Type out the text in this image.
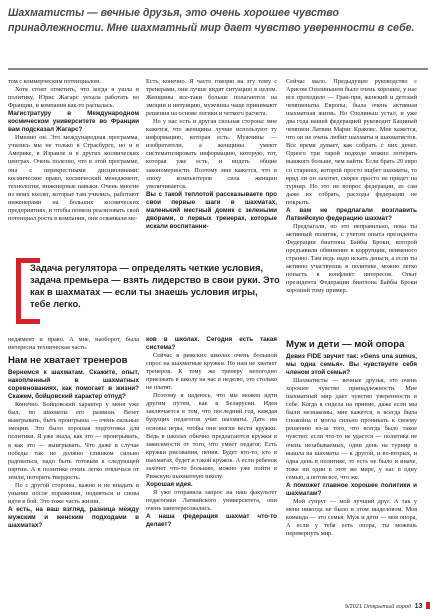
Шахматисты — вечные друзья, это очень хорошее чувство принадлежности. Мне шахматный мир дает чувство уверенности в себе.

том с коммерческим потенциалом.

Хотя стоит отметить, что когда я ушла в политику, Юрис Жагарс уехала работать во Франции, и компания как-то распалась.

Магистратуру в Международном космическом университете во Франции вам подсказал Жагарс?

Именно он. Это международная программа, учились мы не только в Страсбурге, но и в Америке, в Израиле и в других космических центрах. Очень полезно, что в этой программе, она с перекрестными дисциплинами: космическое право, космический менеджмент, технологии, инженерные навыки. Очень многие из моих коллег, которые там учились, работают инженерами на больших космических предприятиях, и чтобы поняли реализовать свой потенциал роста в компании, они осваивали ме-

неджмент и право. А мне, наоборот, была интересна техническая часть.

Нам не хватает тренеров

Вернемся к шахматам. Скажите, опыт, накопленный в шахматных соревнованиях, как помогает в жизни? Скажем, бойцовский характер отпуд?

Конечно. Бойцовский характер у меня уже был, но шахматы его развили. Везет выигрывать, быть проигрыша — очень сильные эмоции. Это было хорошая подготовка для политики. Я уже знала, как это — проигрывать, я как это — выигрывать. Что даже в случае победы так не должно слишком сильно радоваться, надо быть готовым к следующей партии. А в политике очень легко отвлечься от земли, потерять твердость.

По с другой стороны, важно и не впадать в уныние после поражения, подняться и снова идти в бой. Это тоже часть жизни.

А есть, на ваш взгляд, разница между мужским и женским подходами в шахматах?

Есть, конечно. Я часто говорю на эту тему с тренерами, они лучше видят ситуацию в целом. Женщины все-таки больше полагаются на эмоции и интуицию, мужчины чаще принимают решения на основе логики и четкого расчета.

Но у нас есть и другая сильная сторона: мне кажется, что женщины лучше используют ту информацию, которая есть. Мужчины — изобретатели, а женщины умеют систематизировать информацию, которую, тот, которая уже есть, и видеть общие закономерности. Поэтому мне кажется, что в эпоху компьютеров сила женщин увеличивается.

Вы с такой теплотой рассказываете про свои первые шаги в шахматах, маленький местный домик с зелеными дворами, о первых тренерах, которые искали воспитанни-

ков в школах. Сегодня есть такая система?

Сейчас в рижских школах очень большой спрос на шахматные кружки. Но нам не хватает тренеров. К тому же тренеру непогодно приезжать в школу на час в неделю, это столько не платят.

Поэтому я надеюсь, что мы можем идти другим путем, как в Беларусии. Идея заключается в том, что последний год, каждая будущих педагогов учит шахматы. Дать им основы игры, чтобы они могли вести кружки. Ведь в школах обычно предлагаются кружки в зависимости от того, что умеет педагог. Есть кружки рисования, пения. Будет кто-то, кто в шахматах, будет и такой кружок. А если ребенок захочет что-то большее, можно уже пойти в Рижскую шахматную школу.

Хорошая идея.

Я уже отправила запрос на наш факультет педагогики Латвийского университета, они очень заинтересовались.

А наша федерация шахмат что-то делает?

Сейчас мало. Предыдущее руководство с Арисом Озолиньшем было очень хорошее, у нас все проходило — Гран-при, женский и детский чемпионаты Европы, была очень активная шахматная жизнь. Но Озолиньш устал, и уже два года нашей федерацией руководит Бациный чемпион Латвии Мариc Краковс. Мне кажется, что он не очень любит шахматы и шахматистов. Все время думает, как собрать с них денег. Одного три тарой подходе можно потерять вышкого больше, чем найти. Если брать 20 евро со старших, которой просто ищбет шахматы, то вряд ли он захотят, скорее просто не придет на турнир. Но это не вопрос федерации, ее сам даже их собрать, расходы федерации не покрыть.

А вам не предлагали возглавить Латвийскую федерацию шахмат?

Предлагали, но это неправильно, пока ты активный политик, с учетом опыта президента Федерации биатлона Байбы Броки, которой предъявили обвинение в коррупции, неименого странно. Там ведь надо искать деньги, а если ты активно участвуешь в политике, можно легко попасть в конфликт интересов. Опыт президента Федерации биатлона Байбы Броки хороший тому пример.

Муж и дети — мой опора

Девиз FIDE звучит так: «Gens una sumus, мы одна семья». Вы чувствуете себя членом этой семьи?

Шахматисты — вечные друзья, это очень хорошее чувство принадлежности. Мне шахматный мир дает чувство уверенности в себе. Когда я сидела на приеме, даже если мы были незнакомы, мне кажется, я всегда была спокойна и могла сильно проникать к своему решению из-за того, что всегда было такое чувство: если что-то не удастся — политика не очень незабываемых, одни день на турнир я вышла на шахматы — к другой, и во-вторых, и одна день в политике, то есть не было и иначе, тоже ни один в этот же мире, у нас в одну семью, а потом все, что же.

А поможет главное хорошее политики и шахматам?

Мой супруг — мой лучший друг. А так у меня никогда не было в этом ныделовом. Моя команда — это семья. Муж и дети — моя опора, А если у тебя есть опора, ты можешь перевернуть мир.

Задача регулятора — определять четкие условия, задача премьера — взять лидерство в свои руки. Это как в шахматах — если ты знаешь условия игры, тебе легко.
9/2021 Открытый город 13
